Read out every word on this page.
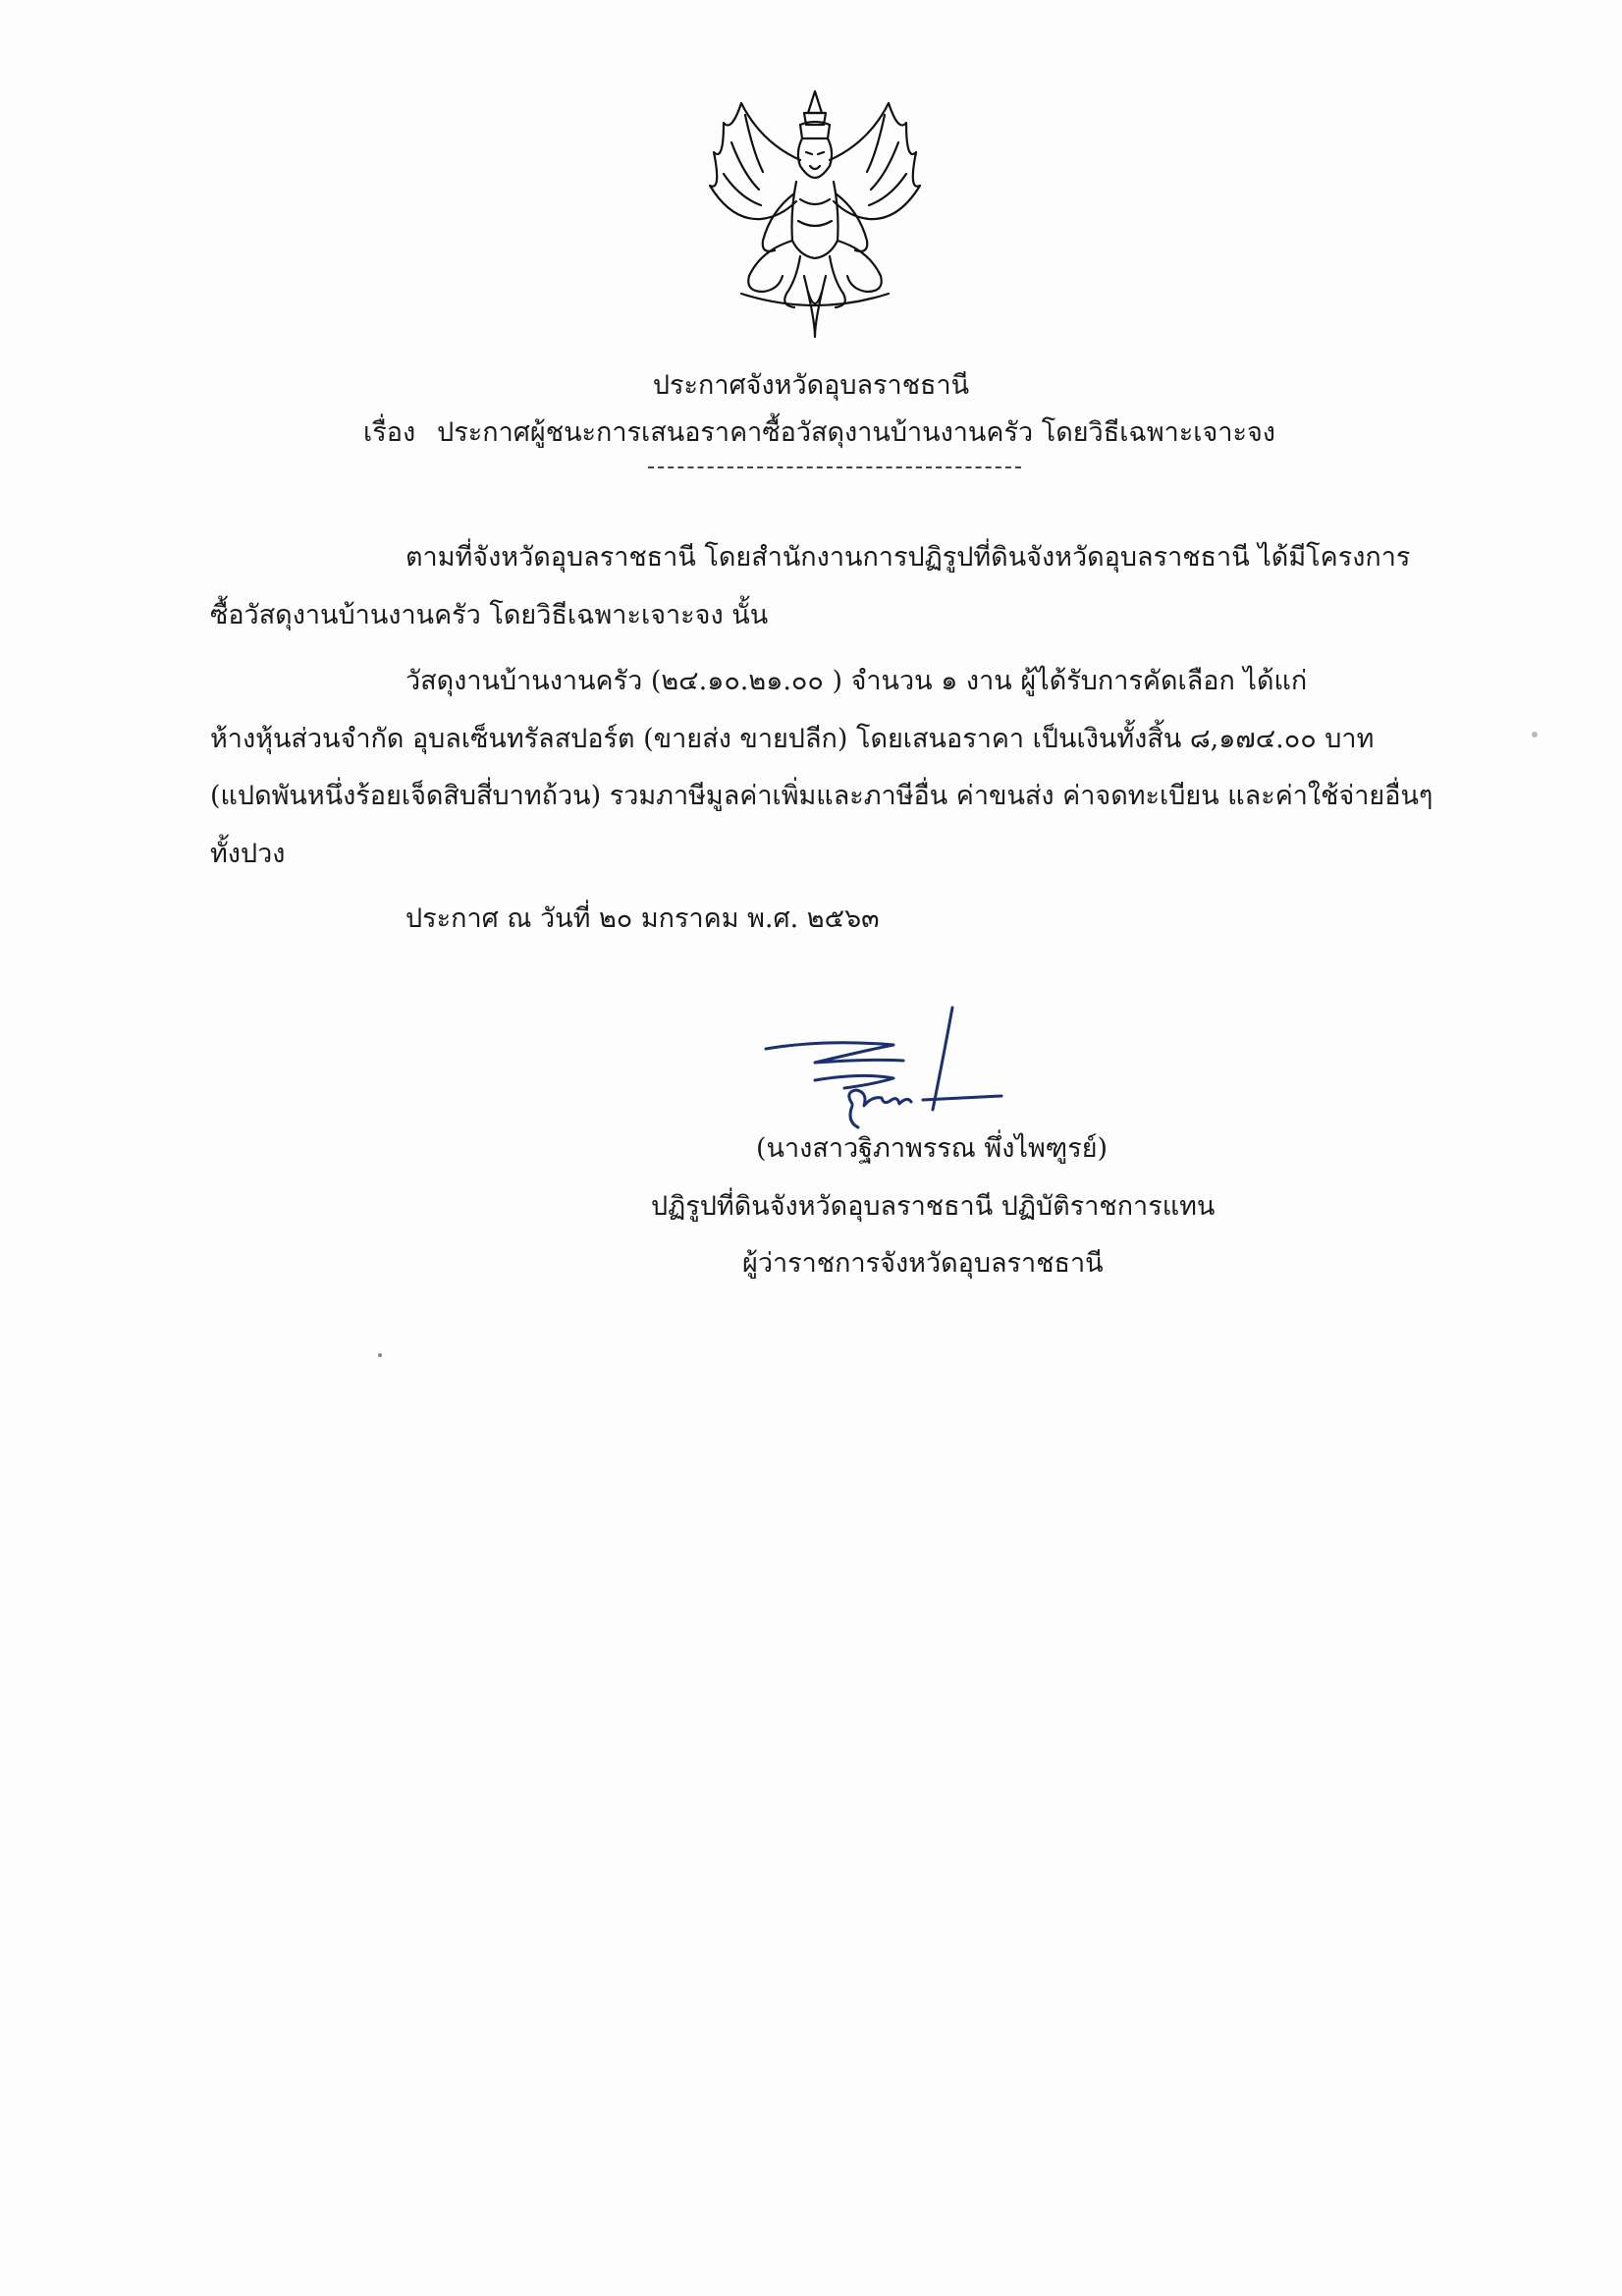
ประกาศจังหวัดอุบลราชธานี
เรื่อง ประกาศผู้ชนะการเสนอราคาซื้อวัสดุงานบ้านงานครัว โดยวิธีเฉพาะเจาะจง
ตามที่จังหวัดอุบลราชธานี โดยสำนักงานการปฏิรูปที่ดินจังหวัดอุบลราชธานี ได้มีโครงการ
ซื้อวัสดุงานบ้านงานครัว โดยวิธีเฉพาะเจาะจง นั้น
วัสดุงานบ้านงานครัว (๒๔.๑๐.๒๑.๐๐ ) จำนวน ๑ งาน ผู้ได้รับการคัดเลือก ได้แก่
ห้างหุ้นส่วนจำกัด อุบลเซ็นทรัลสปอร์ต (ขายส่ง ขายปลีก) โดยเสนอราคา เป็นเงินทั้งสิ้น ๘,๑๗๔.๐๐ บาท
(แปดพันหนึ่งร้อยเจ็ดสิบสี่บาทถ้วน) รวมภาษีมูลค่าเพิ่มและภาษีอื่น ค่าขนส่ง ค่าจดทะเบียน และค่าใช้จ่ายอื่นๆ
ทั้งปวง
ประกาศ ณ วันที่ ๒๐ มกราคม พ.ศ. ๒๕๖๓
(นางสาวฐิภาพรรณ พึ่งไพฑูรย์)
ปฏิรูปที่ดินจังหวัดอุบลราชธานี ปฏิบัติราชการแทน
ผู้ว่าราชการจังหวัดอุบลราชธานี
